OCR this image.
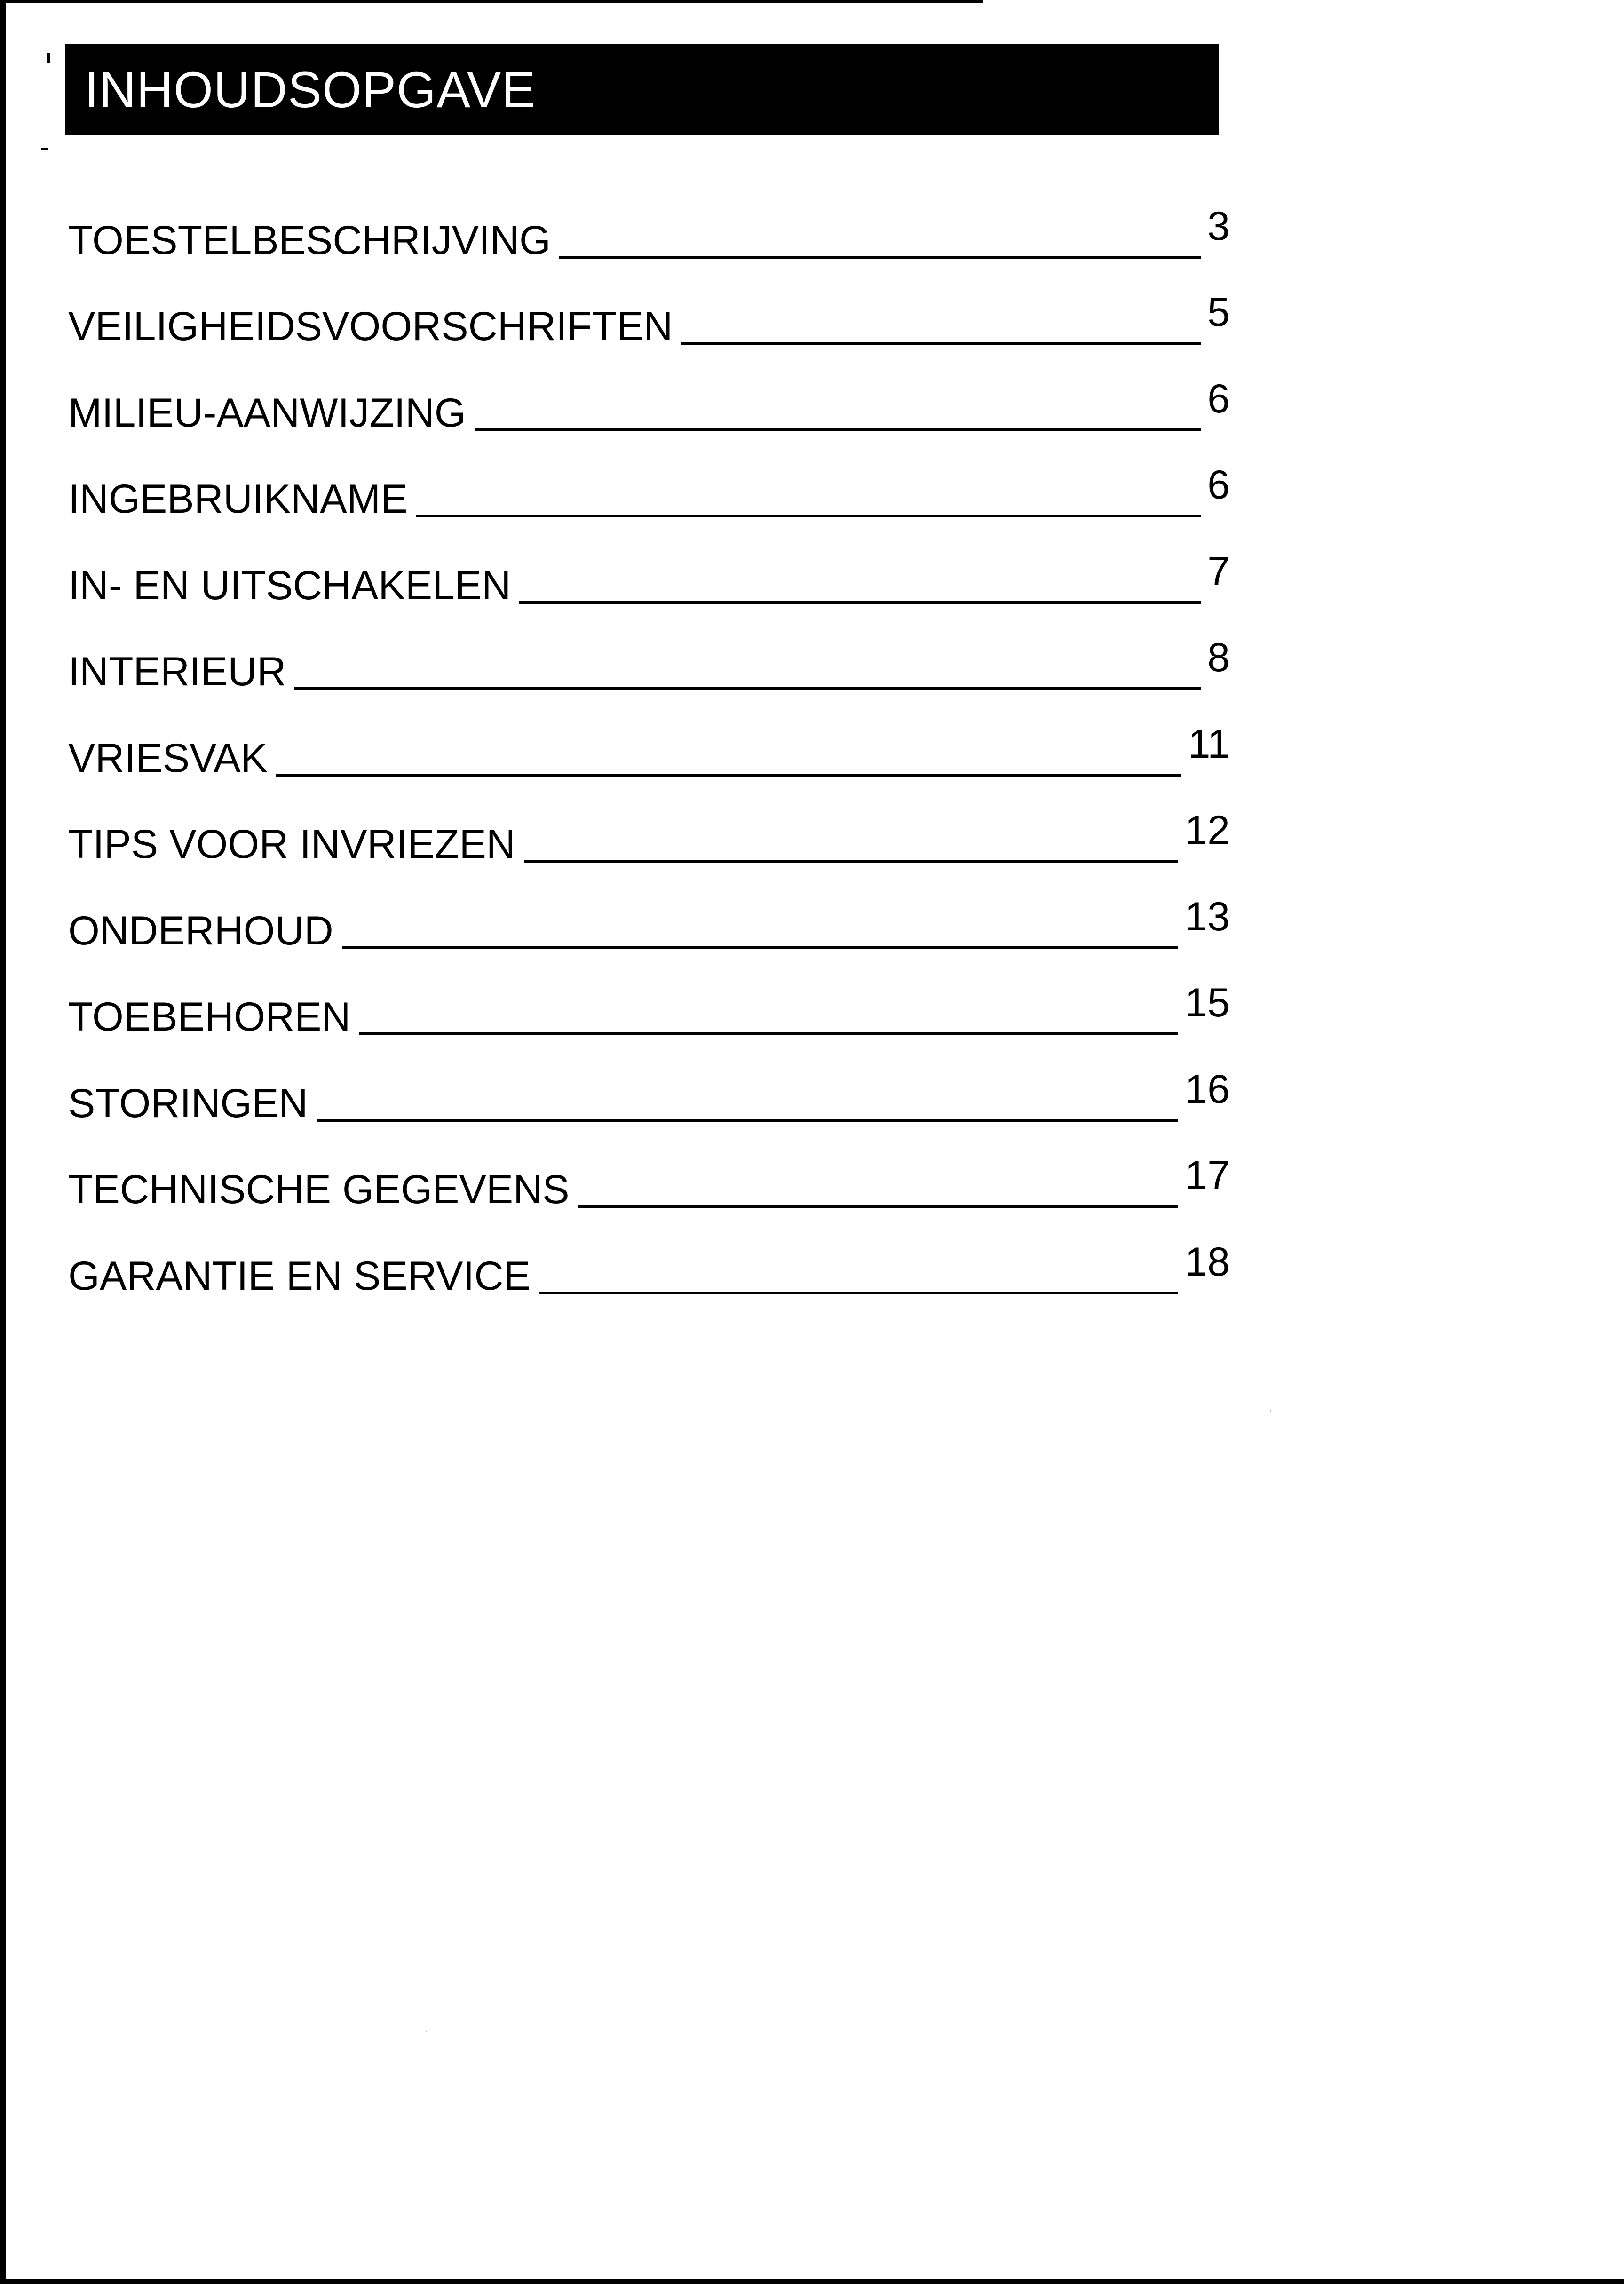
INHOUDSOPGAVE
TOESTELBESCHRIJVING	3
VEILIGHEIDSVOORSCHRIFTEN	5
MILIEU-AANWIJZING	6
INGEBRUIKNAME	6
IN- EN UITSCHAKELEN	7
INTERIEUR	8
VRIESVAK	11
TIPS VOOR INVRIEZEN	12
ONDERHOUD	13
TOEBEHOREN	15
STORINGEN	16
TECHNISCHE GEGEVENS	17
GARANTIE EN SERVICE	18
